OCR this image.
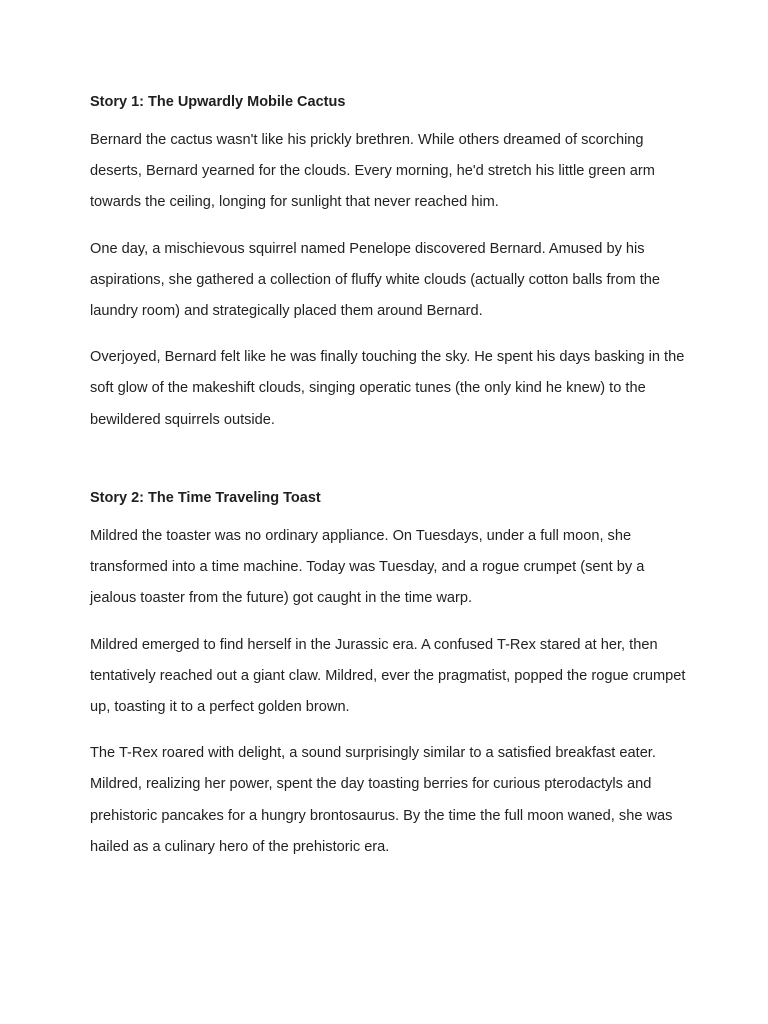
Story 1: The Upwardly Mobile Cactus

Bernard the cactus wasn't like his prickly brethren. While others dreamed of scorching deserts, Bernard yearned for the clouds. Every morning, he'd stretch his little green arm towards the ceiling, longing for sunlight that never reached him.

One day, a mischievous squirrel named Penelope discovered Bernard. Amused by his aspirations, she gathered a collection of fluffy white clouds (actually cotton balls from the laundry room) and strategically placed them around Bernard.

Overjoyed, Bernard felt like he was finally touching the sky. He spent his days basking in the soft glow of the makeshift clouds, singing operatic tunes (the only kind he knew) to the bewildered squirrels outside.

Story 2: The Time Traveling Toast

Mildred the toaster was no ordinary appliance. On Tuesdays, under a full moon, she transformed into a time machine. Today was Tuesday, and a rogue crumpet (sent by a jealous toaster from the future) got caught in the time warp.

Mildred emerged to find herself in the Jurassic era. A confused T-Rex stared at her, then tentatively reached out a giant claw. Mildred, ever the pragmatist, popped the rogue crumpet up, toasting it to a perfect golden brown.

The T-Rex roared with delight, a sound surprisingly similar to a satisfied breakfast eater. Mildred, realizing her power, spent the day toasting berries for curious pterodactyls and prehistoric pancakes for a hungry brontosaurus. By the time the full moon waned, she was hailed as a culinary hero of the prehistoric era.
